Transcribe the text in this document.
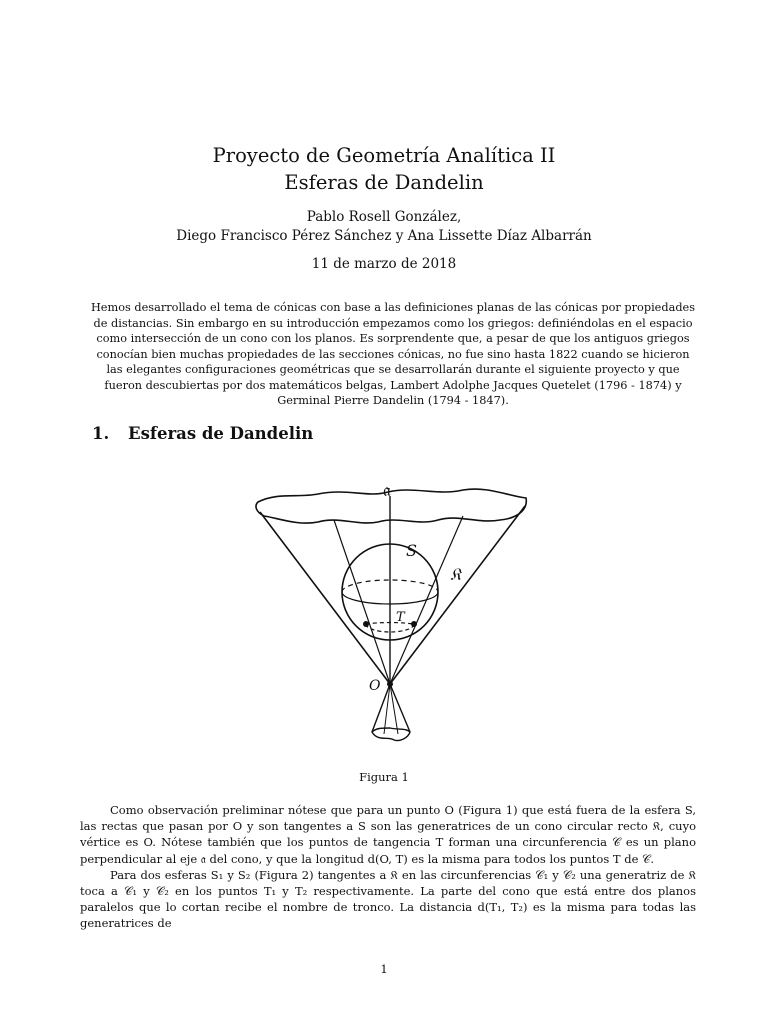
Proyecto de Geometría Analítica II
Esferas de Dandelin
Pablo Rosell González,
Diego Francisco Pérez Sánchez y Ana Lissette Díaz Albarrán
11 de marzo de 2018
Hemos desarrollado el tema de cónicas con base a las definiciones planas de las cónicas por propiedades de distancias. Sin embargo en su introducción empezamos como los griegos: definiéndolas en el espacio como intersección de un cono con los planos. Es sorprendente que, a pesar de que los antiguos griegos conocían bien muchas propiedades de las secciones cónicas, no fue sino hasta 1822 cuando se hicieron las elegantes configuraciones geométricas que se desarrollarán durante el siguiente proyecto y que fueron descubiertas por dos matemáticos belgas, Lambert Adolphe Jacques Quetelet (1796 - 1874) y Germinal Pierre Dandelin (1794 - 1847).
1. Esferas de Dandelin
𝔞
S
𝔎
T
O
Figura 1

Como observación preliminar nótese que para un punto O (Figura 1) que está fuera de la esfera S, las rectas que pasan por O y son tangentes a S son las generatrices de un cono circular recto 𝔎, cuyo vértice es O. Nótese también que los puntos de tangencia T forman una circunferencia 𝒞 es un plano perpendicular al eje 𝔞 del cono, y que la longitud d(O, T) es la misma para todos los puntos T de 𝒞.

Para dos esferas S₁ y S₂ (Figura 2) tangentes a 𝔎 en las circunferencias 𝒞₁ y 𝒞₂ una generatriz de 𝔎 toca a 𝒞₁ y 𝒞₂ en los puntos T₁ y T₂ respectivamente. La parte del cono que está entre dos planos paralelos que lo cortan recibe el nombre de tronco. La distancia d(T₁, T₂) es la misma para todas las generatrices de

1
